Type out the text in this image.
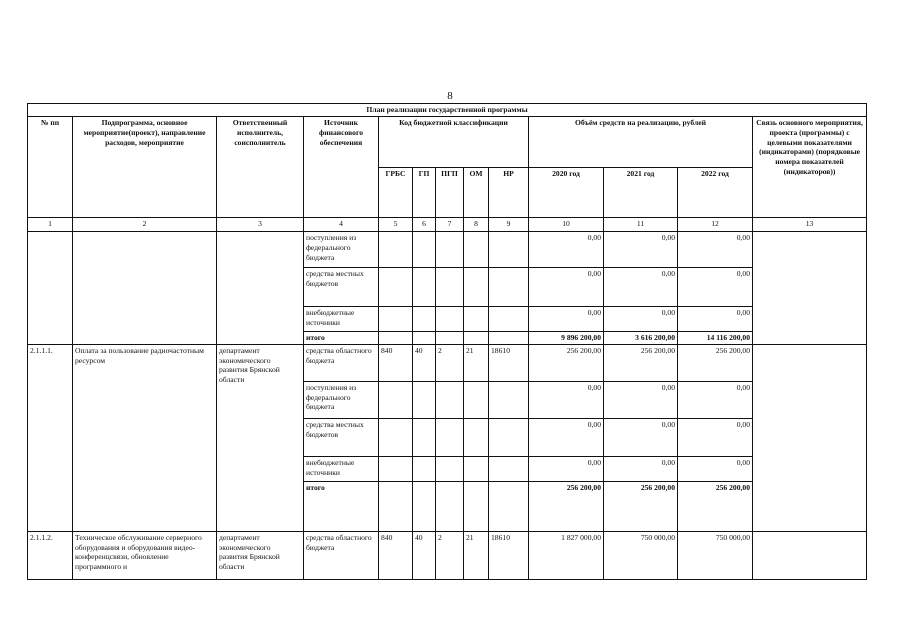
8
План реализации государственной программы												
№ пп	Подпрограмма, основное мероприятие(проект), направление расходов, мероприятие	Ответственный исполнитель, соисполнитель	Источник финансового обеспечения	Код бюджетной классификации					Объём средств на реализацию, рублей			Связь основного мероприятия, проекта (программы) с целевыми показателями (индикаторами) (порядковые номера показателей (индикаторов))
				ГРБС	ГП	ПГП	ОМ	НР	2020 год	2021 год	2022 год	
1	2	3	4	5	6	7	8	9	10	11	12	13
			поступления из федерального бюджета						0,00	0,00	0,00	
			средства местных бюджетов						0,00	0,00	0,00	
			внебюджетные источники						0,00	0,00	0,00	
			итого						9 896 200,00	3 616 200,00	14 116 200,00	
2.1.1.1.	Оплата за пользование радиочастотным ресурсом	департамент экономического развития Брянской области	средства областного бюджета	840	40	2	21	18610	256 200,00	256 200,00	256 200,00	
			поступления из федерального бюджета						0,00	0,00	0,00	
			средства местных бюджетов						0,00	0,00	0,00	
			внебюджетные источники						0,00	0,00	0,00	
			итого						256 200,00	256 200,00	256 200,00	
2.1.1.2.	Техническое обслуживание серверного оборудования и оборудования видео-конференцсвязи, обновление программного и	департамент экономического развития Брянской области	средства областного бюджета	840	40	2	21	18610	1 827 000,00	750 000,00	750 000,00	
